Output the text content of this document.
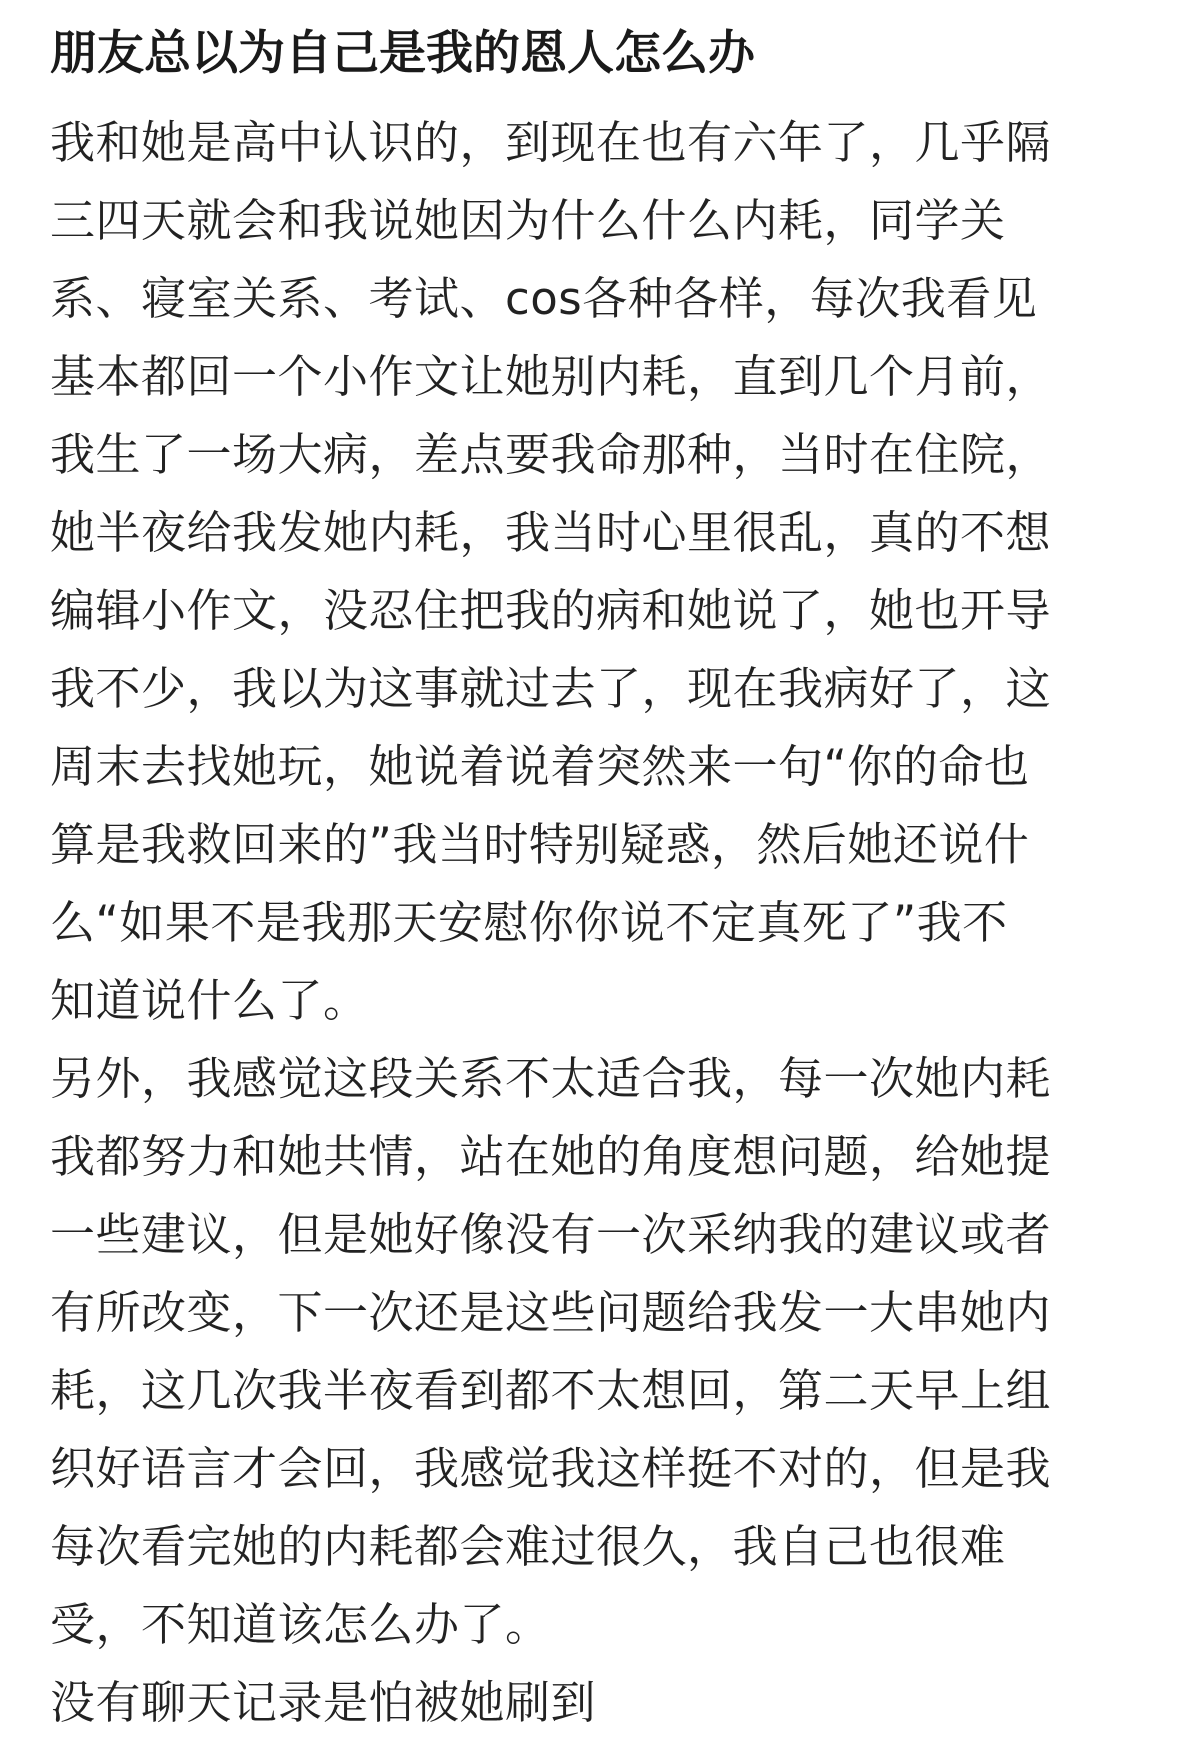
朋友总以为自己是我的恩人怎么办
我和她是高中认识的，到现在也有六年了，几乎隔
三四天就会和我说她因为什么什么内耗，同学关
系、寝室关系、考试、cos各种各样，每次我看见
基本都回一个小作文让她别内耗，直到几个月前，
我生了一场大病，差点要我命那种，当时在住院，
她半夜给我发她内耗，我当时心里很乱，真的不想
编辑小作文，没忍住把我的病和她说了，她也开导
我不少，我以为这事就过去了，现在我病好了，这
周末去找她玩，她说着说着突然来一句“你的命也
算是我救回来的”我当时特别疑惑，然后她还说什
么“如果不是我那天安慰你你说不定真死了”我不
知道说什么了。
另外，我感觉这段关系不太适合我，每一次她内耗
我都努力和她共情，站在她的角度想问题，给她提
一些建议，但是她好像没有一次采纳我的建议或者
有所改变，下一次还是这些问题给我发一大串她内
耗，这几次我半夜看到都不太想回，第二天早上组
织好语言才会回，我感觉我这样挺不对的，但是我
每次看完她的内耗都会难过很久，我自己也很难
受，不知道该怎么办了。
没有聊天记录是怕被她刷到
